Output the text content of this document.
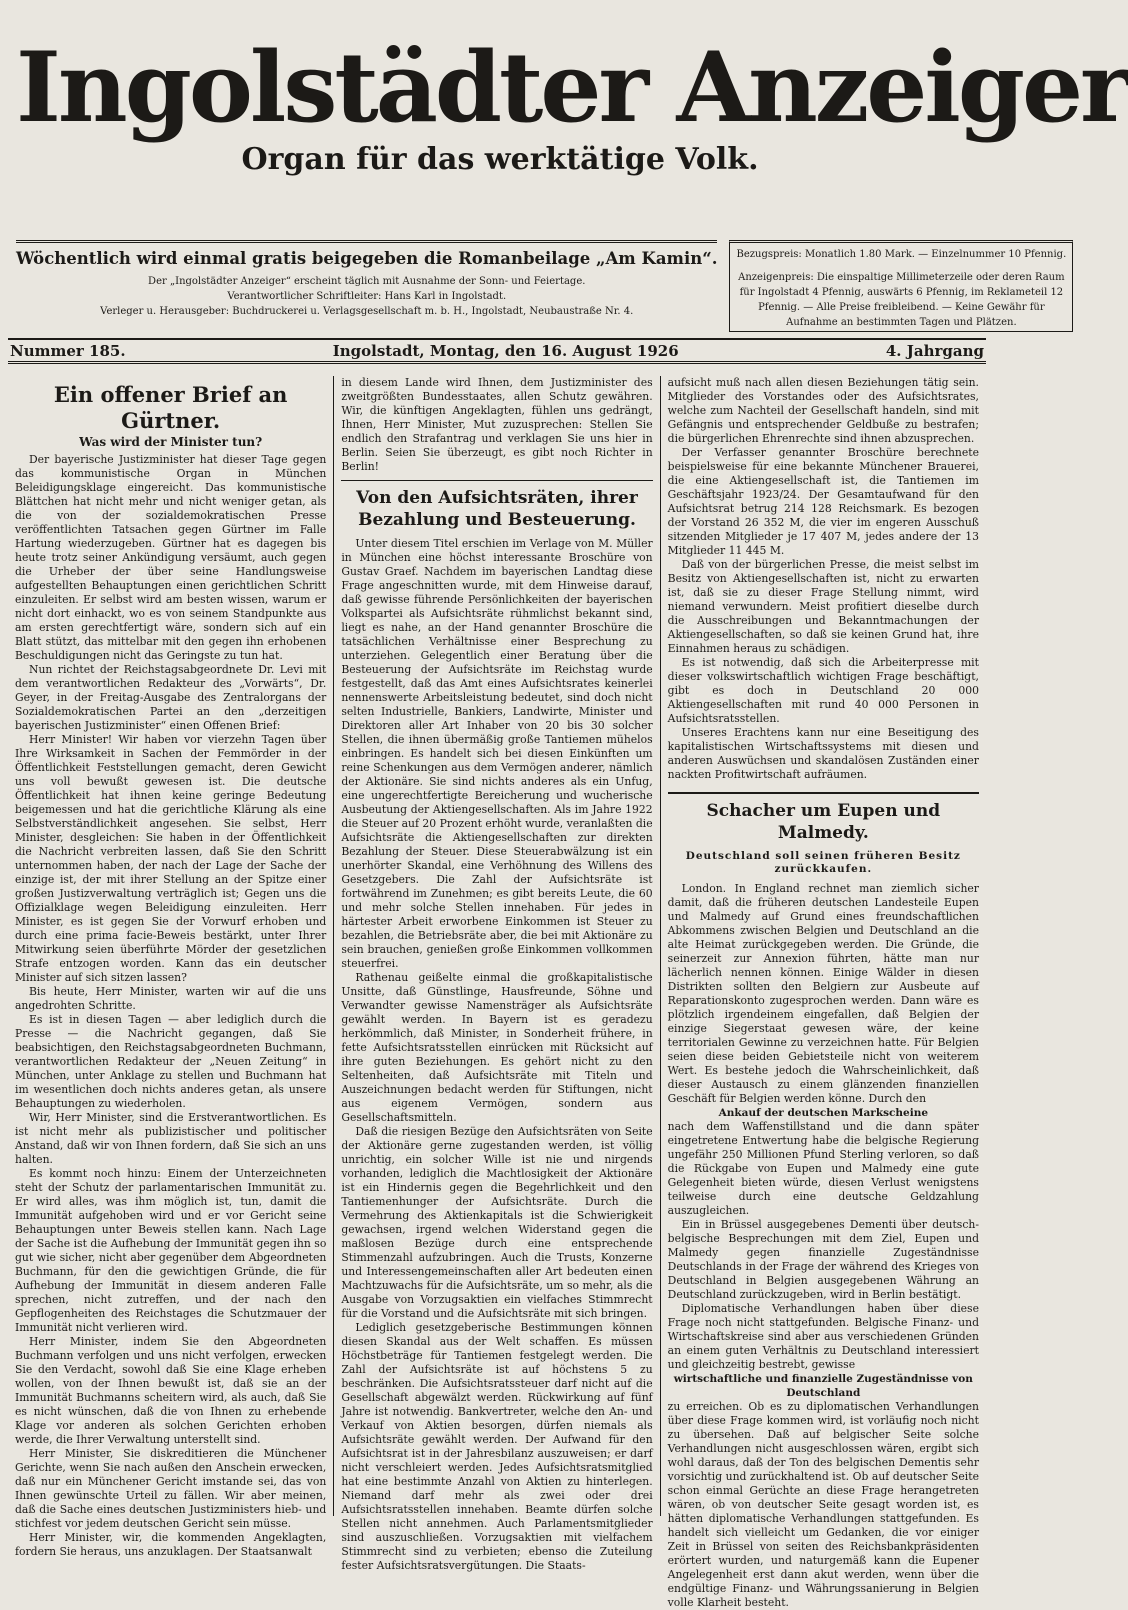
Ingolstädter Anzeiger
Organ für das werktätige Volk.
Wöchentlich wird einmal gratis beigegeben die Romanbeilage „Am Kamin“.
Der „Ingolstädter Anzeiger“ erscheint täglich mit Ausnahme der Sonn- und Feiertage.
Verantwortlicher Schriftleiter: Hans Karl in Ingolstadt.
Verleger u. Herausgeber: Buchdruckerei u. Verlagsgesellschaft m. b. H., Ingolstadt, Neubaustraße Nr. 4.
Bezugspreis: Monatlich 1.80 Mark. — Einzelnummer 10 Pfennig.
Anzeigenpreis: Die einspaltige Millimeterzeile oder deren Raum für Ingolstadt 4 Pfennig, auswärts 6 Pfennig, im Reklameteil 12 Pfennig. — Alle Preise freibleibend. — Keine Gewähr für Aufnahme an bestimmten Tagen und Plätzen.
Nummer 185.	Ingolstadt, Montag, den 16. August 1926	4. Jahrgang
Ein offener Brief an Gürtner.
Was wird der Minister tun?

Der bayerische Justizminister hat dieser Tage gegen das kommunistische Organ in München Beleidigungsklage eingereicht. Das kommunistische Blättchen hat nicht mehr und nicht weniger getan, als die von der sozialdemokratischen Presse veröffentlichten Tatsachen gegen Gürtner im Falle Hartung wiederzugeben. Gürtner hat es dagegen bis heute trotz seiner Ankündigung versäumt, auch gegen die Urheber der über seine Handlungsweise aufgestellten Behauptungen einen gerichtlichen Schritt einzuleiten. Er selbst wird am besten wissen, warum er nicht dort einhackt, wo es von seinem Standpunkte aus am ersten gerechtfertigt wäre, sondern sich auf ein Blatt stützt, das mittelbar mit den gegen ihn erhobenen Beschuldigungen nicht das Geringste zu tun hat.

Nun richtet der Reichstagsabgeordnete Dr. Levi mit dem verantwortlichen Redakteur des „Vorwärts“, Dr. Geyer, in der Freitag-Ausgabe des Zentralorgans der Sozialdemokratischen Partei an den „derzeitigen bayerischen Justizminister“ einen Offenen Brief:

Herr Minister! Wir haben vor vierzehn Tagen über Ihre Wirksamkeit in Sachen der Femmörder in der Öffentlichkeit Feststellungen gemacht, deren Gewicht uns voll bewußt gewesen ist. Die deutsche Öffentlichkeit hat ihnen keine geringe Bedeutung beigemessen und hat die gerichtliche Klärung als eine Selbstverständlichkeit angesehen. Sie selbst, Herr Minister, desgleichen: Sie haben in der Öffentlichkeit die Nachricht verbreiten lassen, daß Sie den Schritt unternommen haben, der nach der Lage der Sache der einzige ist, der mit ihrer Stellung an der Spitze einer großen Justizverwaltung verträglich ist; Gegen uns die Offizialklage wegen Beleidigung einzuleiten. Herr Minister, es ist gegen Sie der Vorwurf erhoben und durch eine prima facie-Beweis bestärkt, unter Ihrer Mitwirkung seien überführte Mörder der gesetzlichen Strafe entzogen worden. Kann das ein deutscher Minister auf sich sitzen lassen?

Bis heute, Herr Minister, warten wir auf die uns angedrohten Schritte.

Es ist in diesen Tagen — aber lediglich durch die Presse — die Nachricht gegangen, daß Sie beabsichtigen, den Reichstagsabgeordneten Buchmann, verantwortlichen Redakteur der „Neuen Zeitung“ in München, unter Anklage zu stellen und Buchmann hat im wesentlichen doch nichts anderes getan, als unsere Behauptungen zu wiederholen.

Wir, Herr Minister, sind die Erstverantwortlichen. Es ist nicht mehr als publizistischer und politischer Anstand, daß wir von Ihnen fordern, daß Sie sich an uns halten.

Es kommt noch hinzu: Einem der Unterzeichneten steht der Schutz der parlamentarischen Immunität zu. Er wird alles, was ihm möglich ist, tun, damit die Immunität aufgehoben wird und er vor Gericht seine Behauptungen unter Beweis stellen kann. Nach Lage der Sache ist die Aufhebung der Immunität gegen ihn so gut wie sicher, nicht aber gegenüber dem Abgeordneten Buchmann, für den die gewichtigen Gründe, die für Aufhebung der Immunität in diesem anderen Falle sprechen, nicht zutreffen, und der nach den Gepflogenheiten des Reichstages die Schutzmauer der Immunität nicht verlieren wird.

Herr Minister, indem Sie den Abgeordneten Buchmann verfolgen und uns nicht verfolgen, erwecken Sie den Verdacht, sowohl daß Sie eine Klage erheben wollen, von der Ihnen bewußt ist, daß sie an der Immunität Buchmanns scheitern wird, als auch, daß Sie es nicht wünschen, daß die von Ihnen zu erhebende Klage vor anderen als solchen Gerichten erhoben werde, die Ihrer Verwaltung unterstellt sind.

Herr Minister, Sie diskreditieren die Münchener Gerichte, wenn Sie nach außen den Anschein erwecken, daß nur ein Münchener Gericht imstande sei, das von Ihnen gewünschte Urteil zu fällen. Wir aber meinen, daß die Sache eines deutschen Justizministers hieb- und stichfest vor jedem deutschen Gericht sein müsse.

Herr Minister, wir, die kommenden Angeklagten, fordern Sie heraus, uns anzuklagen. Der Staatsanwalt

in diesem Lande wird Ihnen, dem Justizminister des zweitgrößten Bundesstaates, allen Schutz gewähren. Wir, die künftigen Angeklagten, fühlen uns gedrängt, Ihnen, Herr Minister, Mut zuzusprechen: Stellen Sie endlich den Strafantrag und verklagen Sie uns hier in Berlin. Seien Sie überzeugt, es gibt noch Richter in Berlin!

Von den Aufsichtsräten, ihrer Bezahlung und Besteuerung.

Unter diesem Titel erschien im Verlage von M. Müller in München eine höchst interessante Broschüre von Gustav Graef. Nachdem im bayerischen Landtag diese Frage angeschnitten wurde, mit dem Hinweise darauf, daß gewisse führende Persönlichkeiten der bayerischen Volkspartei als Aufsichtsräte rühmlichst bekannt sind, liegt es nahe, an der Hand genannter Broschüre die tatsächlichen Verhältnisse einer Besprechung zu unterziehen. Gelegentlich einer Beratung über die Besteuerung der Aufsichtsräte im Reichstag wurde festgestellt, daß das Amt eines Aufsichtsrates keinerlei nennenswerte Arbeitsleistung bedeutet, sind doch nicht selten Industrielle, Bankiers, Landwirte, Minister und Direktoren aller Art Inhaber von 20 bis 30 solcher Stellen, die ihnen übermäßig große Tantiemen mühelos einbringen. Es handelt sich bei diesen Einkünften um reine Schenkungen aus dem Vermögen anderer, nämlich der Aktionäre. Sie sind nichts anderes als ein Unfug, eine ungerechtfertigte Bereicherung und wucherische Ausbeutung der Aktiengesellschaften. Als im Jahre 1922 die Steuer auf 20 Prozent erhöht wurde, veranlaßten die Aufsichtsräte die Aktiengesellschaften zur direkten Bezahlung der Steuer. Diese Steuerabwälzung ist ein unerhörter Skandal, eine Verhöhnung des Willens des Gesetzgebers. Die Zahl der Aufsichtsräte ist fortwährend im Zunehmen; es gibt bereits Leute, die 60 und mehr solche Stellen innehaben. Für jedes in härtester Arbeit erworbene Einkommen ist Steuer zu bezahlen, die Betriebsräte aber, die bei mit Aktionäre zu sein brauchen, genießen große Einkommen vollkommen steuerfrei.

Rathenau geißelte einmal die großkapitalistische Unsitte, daß Günstlinge, Hausfreunde, Söhne und Verwandter gewisse Namensträger als Aufsichtsräte gewählt werden. In Bayern ist es geradezu herkömmlich, daß Minister, in Sonderheit frühere, in fette Aufsichtsratsstellen einrücken mit Rücksicht auf ihre guten Beziehungen. Es gehört nicht zu den Seltenheiten, daß Aufsichtsräte mit Titeln und Auszeichnungen bedacht werden für Stiftungen, nicht aus eigenem Vermögen, sondern aus Gesellschaftsmitteln.

Daß die riesigen Bezüge den Aufsichtsräten von Seite der Aktionäre gerne zugestanden werden, ist völlig unrichtig, ein solcher Wille ist nie und nirgends vorhanden, lediglich die Machtlosigkeit der Aktionäre ist ein Hindernis gegen die Begehrlichkeit und den Tantiemenhunger der Aufsichtsräte. Durch die Vermehrung des Aktienkapitals ist die Schwierigkeit gewachsen, irgend welchen Widerstand gegen die maßlosen Bezüge durch eine entsprechende Stimmenzahl aufzubringen. Auch die Trusts, Konzerne und Interessengemeinschaften aller Art bedeuten einen Machtzuwachs für die Aufsichtsräte, um so mehr, als die Ausgabe von Vorzugsaktien ein vielfaches Stimmrecht für die Vorstand und die Aufsichtsräte mit sich bringen.

Lediglich gesetzgeberische Bestimmungen können diesen Skandal aus der Welt schaffen. Es müssen Höchstbeträge für Tantiemen festgelegt werden. Die Zahl der Aufsichtsräte ist auf höchstens 5 zu beschränken. Die Aufsichtsratssteuer darf nicht auf die Gesellschaft abgewälzt werden. Rückwirkung auf fünf Jahre ist notwendig. Bankvertreter, welche den An- und Verkauf von Aktien besorgen, dürfen niemals als Aufsichtsräte gewählt werden. Der Aufwand für den Aufsichtsrat ist in der Jahresbilanz auszuweisen; er darf nicht verschleiert werden. Jedes Aufsichtsratsmitglied hat eine bestimmte Anzahl von Aktien zu hinterlegen. Niemand darf mehr als zwei oder drei Aufsichtsratsstellen innehaben. Beamte dürfen solche Stellen nicht annehmen. Auch Parlamentsmitglieder sind auszuschließen. Vorzugsaktien mit vielfachem Stimmrecht sind zu verbieten; ebenso die Zuteilung fester Aufsichtsratsvergütungen. Die Staats-

aufsicht muß nach allen diesen Beziehungen tätig sein. Mitglieder des Vorstandes oder des Aufsichtsrates, welche zum Nachteil der Gesellschaft handeln, sind mit Gefängnis und entsprechender Geldbuße zu bestrafen; die bürgerlichen Ehrenrechte sind ihnen abzusprechen.

Der Verfasser genannter Broschüre berechnete beispielsweise für eine bekannte Münchener Brauerei, die eine Aktiengesellschaft ist, die Tantiemen im Geschäftsjahr 1923/24. Der Gesamtaufwand für den Aufsichtsrat betrug 214 128 Reichsmark. Es bezogen der Vorstand 26 352 M, die vier im engeren Ausschuß sitzenden Mitglieder je 17 407 M, jedes andere der 13 Mitglieder 11 445 M.

Daß von der bürgerlichen Presse, die meist selbst im Besitz von Aktiengesellschaften ist, nicht zu erwarten ist, daß sie zu dieser Frage Stellung nimmt, wird niemand verwundern. Meist profitiert dieselbe durch die Ausschreibungen und Bekanntmachungen der Aktiengesellschaften, so daß sie keinen Grund hat, ihre Einnahmen heraus zu schädigen.

Es ist notwendig, daß sich die Arbeiterpresse mit dieser volkswirtschaftlich wichtigen Frage beschäftigt, gibt es doch in Deutschland 20 000 Aktiengesellschaften mit rund 40 000 Personen in Aufsichtsratsstellen.

Unseres Erachtens kann nur eine Beseitigung des kapitalistischen Wirtschaftssystems mit diesen und anderen Auswüchsen und skandalösen Zuständen einer nackten Profitwirtschaft aufräumen.

Schacher um Eupen und Malmedy.
Deutschland soll seinen früheren Besitz zurückkaufen.

London. In England rechnet man ziemlich sicher damit, daß die früheren deutschen Landesteile Eupen und Malmedy auf Grund eines freundschaftlichen Abkommens zwischen Belgien und Deutschland an die alte Heimat zurückgegeben werden. Die Gründe, die seinerzeit zur Annexion führten, hätte man nur lächerlich nennen können. Einige Wälder in diesen Distrikten sollten den Belgiern zur Ausbeute auf Reparationskonto zugesprochen werden. Dann wäre es plötzlich irgendeinem eingefallen, daß Belgien der einzige Siegerstaat gewesen wäre, der keine territorialen Gewinne zu verzeichnen hatte. Für Belgien seien diese beiden Gebietsteile nicht von weiterem Wert. Es bestehe jedoch die Wahrscheinlichkeit, daß dieser Austausch zu einem glänzenden finanziellen Geschäft für Belgien werden könne. Durch den

Ankauf der deutschen Markscheine

nach dem Waffenstillstand und die dann später eingetretene Entwertung habe die belgische Regierung ungefähr 250 Millionen Pfund Sterling verloren, so daß die Rückgabe von Eupen und Malmedy eine gute Gelegenheit bieten würde, diesen Verlust wenigstens teilweise durch eine deutsche Geldzahlung auszugleichen.

Ein in Brüssel ausgegebenes Dementi über deutsch-belgische Besprechungen mit dem Ziel, Eupen und Malmedy gegen finanzielle Zugeständnisse Deutschlands in der Frage der während des Krieges von Deutschland in Belgien ausgegebenen Währung an Deutschland zurückzugeben, wird in Berlin bestätigt.

Diplomatische Verhandlungen haben über diese Frage noch nicht stattgefunden. Belgische Finanz- und Wirtschaftskreise sind aber aus verschiedenen Gründen an einem guten Verhältnis zu Deutschland interessiert und gleichzeitig bestrebt, gewisse

wirtschaftliche und finanzielle Zugeständnisse von Deutschland

zu erreichen. Ob es zu diplomatischen Verhandlungen über diese Frage kommen wird, ist vorläufig noch nicht zu übersehen. Daß auf belgischer Seite solche Verhandlungen nicht ausgeschlossen wären, ergibt sich wohl daraus, daß der Ton des belgischen Dementis sehr vorsichtig und zurückhaltend ist. Ob auf deutscher Seite schon einmal Gerüchte an diese Frage herangetreten wären, ob von deutscher Seite gesagt worden ist, es hätten diplomatische Verhandlungen stattgefunden. Es handelt sich vielleicht um Gedanken, die vor einiger Zeit in Brüssel von seiten des Reichsbankpräsidenten erörtert wurden, und naturgemäß kann die Eupener Angelegenheit erst dann akut werden, wenn über die endgültige Finanz- und Währungssanierung in Belgien volle Klarheit besteht.
